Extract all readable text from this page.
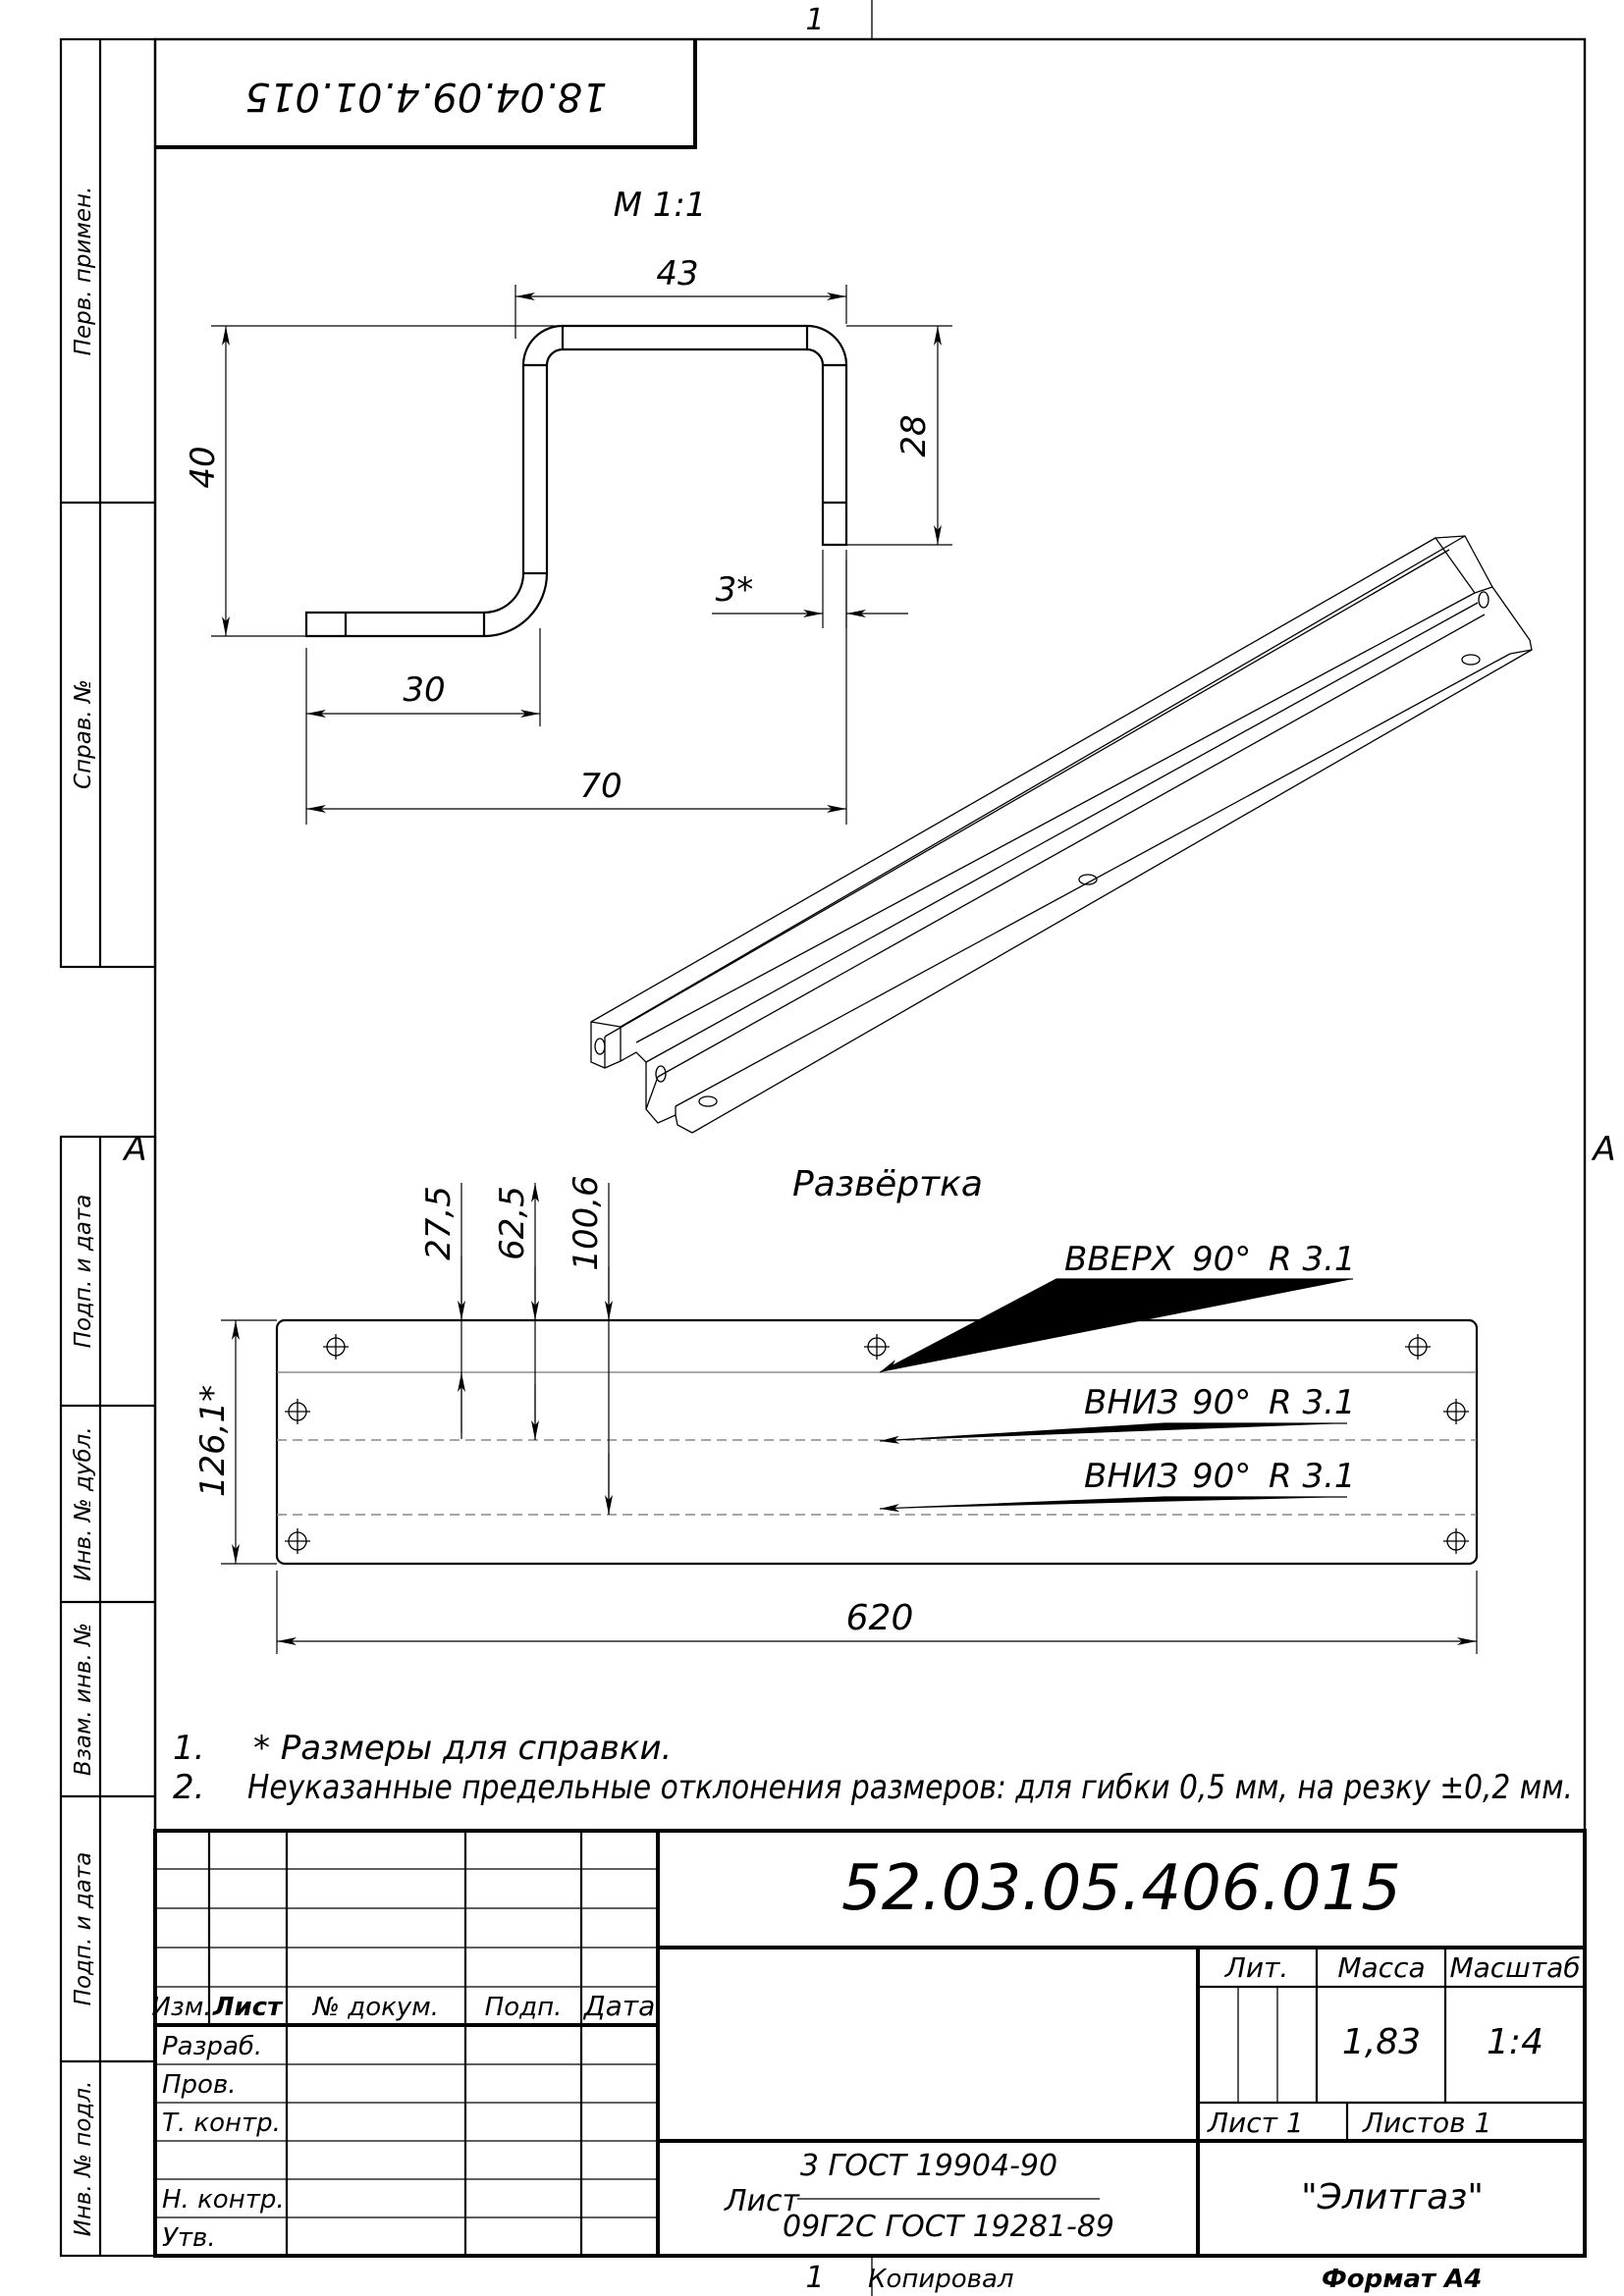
1
1
A	A
Перв. примен.
Справ. №
Подп. и дата
Инв. № дубл.
Взам. инв. №
Подп. и дата
Инв. № подл.
18.04.09.4.01.015
М 1:1
43
28
40
3*
30
70
Развёртка
27,5 62,5 100,6
126,1*
620
ВВЕРХ 90° R 3.1
ВНИЗ 90° R 3.1
ВНИЗ 90° R 3.1
1. * Размеры для справки.
2. Неуказанные предельные отклонения размеров: для гибки 0,5 мм, на резку ±0,2 мм.
52.03.05.406.015
Изм. Лист № докум. Подп. Дата
Разраб.
Пров.
Т. контр.
Н. контр.
Утв.
Лит. Масса Масштаб
1,83 1:4
Лист 1 Листов 1
Лист
3 ГОСТ 19904-90
09Г2С ГОСТ 19281-89
"Элитгаз"
Копировал	Формат А4
